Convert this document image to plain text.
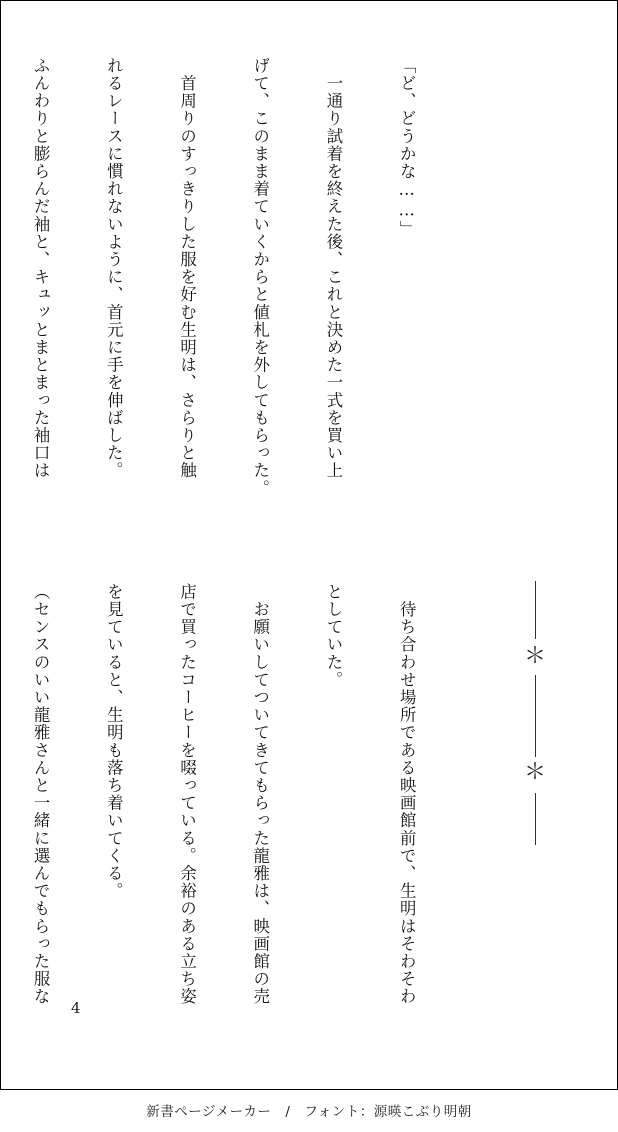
「ど、どうかな……」

　一通り試着を終えた後、これと決めた一式を買い上

げて、このまま着ていくからと値札を外してもらった。

　首周りのすっきりした服を好む生明は、さらりと触

れるレースに慣れないように、首元に手を伸ばした。

ふんわりと膨らんだ袖と、キュッとまとまった袖口は

＊
＊

　待ち合わせ場所である映画館前で、生明はそわそわ

としていた。

　お願いしてついてきてもらった龍雅は、映画館の売

店で買ったコーヒーを啜っている。余裕のある立ち姿

を見ていると、生明も落ち着いてくる。

（センスのいい龍雅さんと一緒に選んでもらった服な

4
新書ページメーカー　/　フォント：源暎こぶり明朝
